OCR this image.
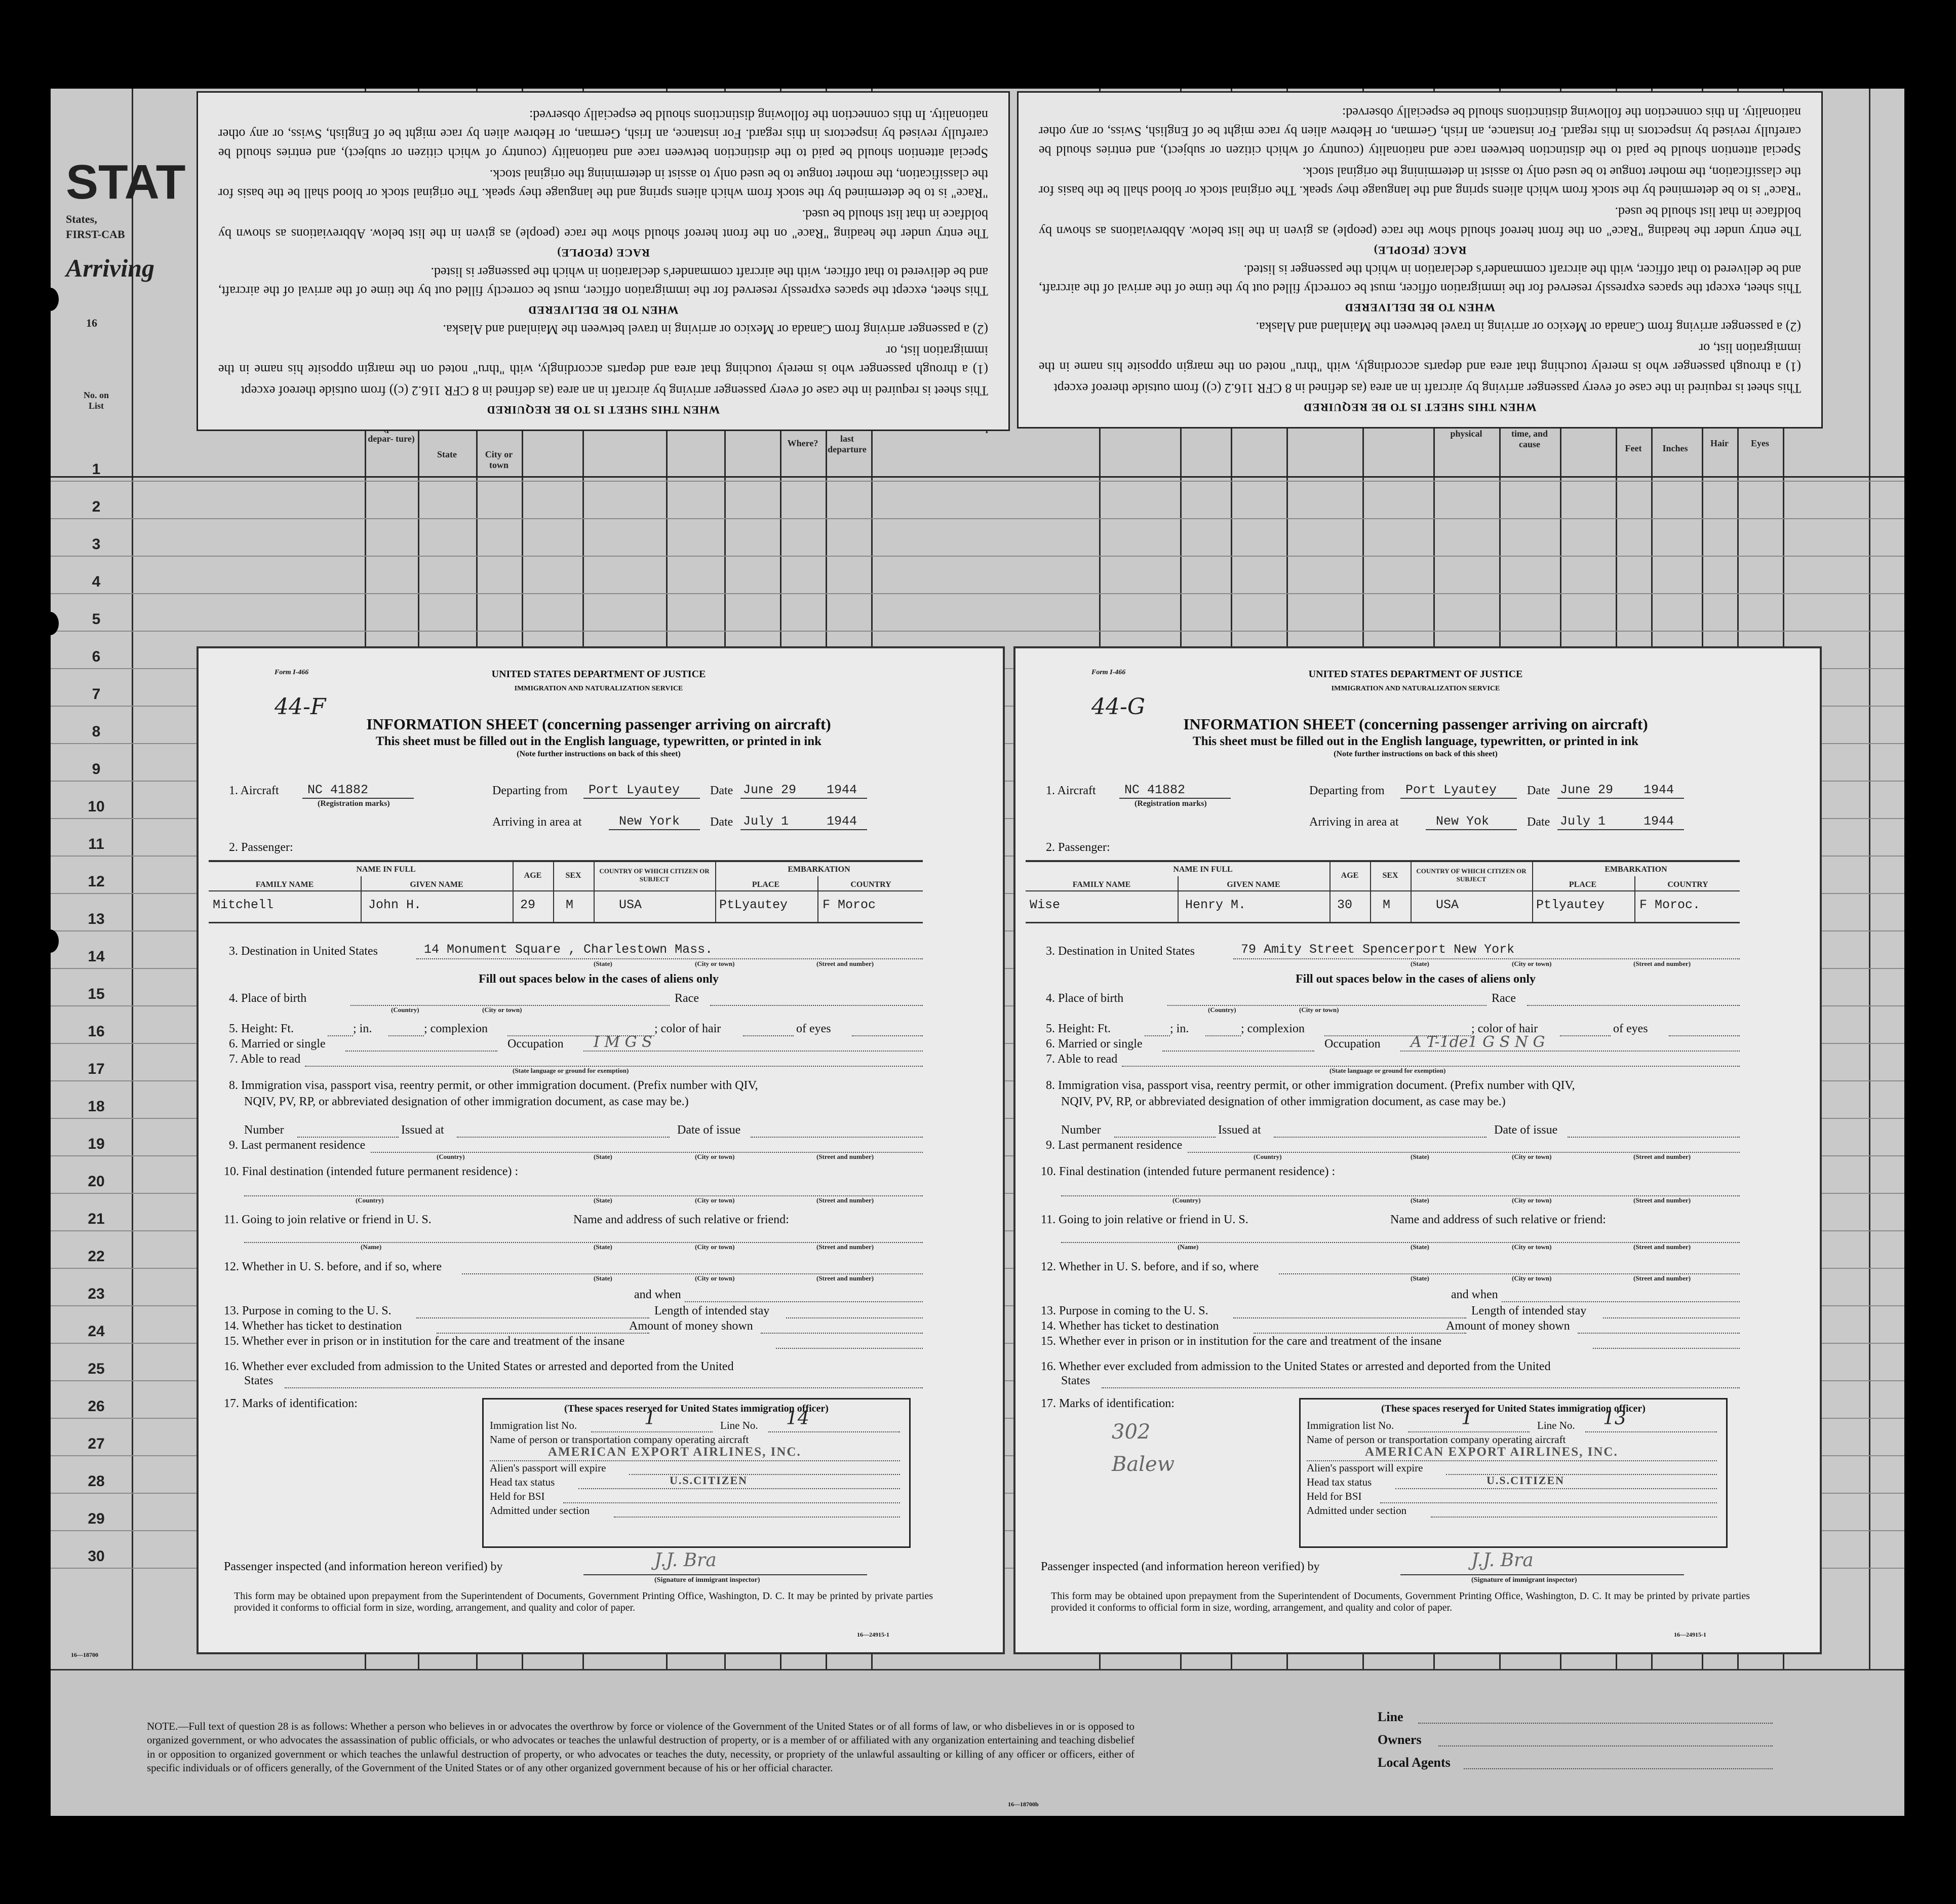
STAT
States,
FIRST-CAB
Arriving
16
No. on List
depar- ture)
State	City or town
Where?	last departure
physical	time, and cause	Feet	Inches	Hair	Eyes
1
2
3
4
5
6
7
8
9
10
11
12
13
14
15
16
17
18
19
20
21
22
23
24
25
26
27
28
29
30
16—18700
NOTE.—Full text of question 28 is as follows: Whether a person who believes in or advocates the overthrow by force or violence of the Government of the United States or of all forms of law, or who disbelieves in or is opposed to organized government, or who advocates the assassination of public officials, or who advocates or teaches the unlawful destruction of property, or is a member of or affiliated with any organization entertaining and teaching disbelief in or opposition to organized government or which teaches the unlawful destruction of property, or who advocates or teaches the duty, necessity, or propriety of the unlawful assaulting or killing of any officer or officers, either of specific individuals or of officers generally, of the Government of the United States or of any other organized government because of his or her official character.
16—18700b
Line
Owners
Local Agents
WHEN THIS SHEET IS TO BE REQUIRED

This sheet is required in the case of every passenger arriving by aircraft in an area (as defined in 8 CFR 116.2 (c)) from outside thereof except

(1) a through passenger who is merely touching that area and departs accordingly, with "thru" noted on the margin opposite his name in the immigration list, or

(2) a passenger arriving from Canada or Mexico or arriving in travel between the Mainland and Alaska.

WHEN TO BE DELIVERED

This sheet, except the spaces expressly reserved for the immigration officer, must be correctly filled out by the time of the arrival of the aircraft, and be delivered to that officer, with the aircraft commander's declaration in which the passenger is listed.

RACE (PEOPLE)

The entry under the heading "Race" on the front hereof should show the race (people) as given in the list below. Abbreviations as shown by boldface in that list should be used.

"Race" is to be determined by the stock from which aliens spring and the language they speak. The original stock or blood shall be the basis for the classification, the mother tongue to be used only to assist in determining the original stock.

Special attention should be paid to the distinction between race and nationality (country of which citizen or subject), and entries should be carefully revised by inspectors in this regard. For instance, an Irish, German, or Hebrew alien by race might be of English, Swiss, or any other nationality. In this connection the following distinctions should be especially observed:

WHEN THIS SHEET IS TO BE REQUIRED

This sheet is required in the case of every passenger arriving by aircraft in an area (as defined in 8 CFR 116.2 (c)) from outside thereof except

(1) a through passenger who is merely touching that area and departs accordingly, with "thru" noted on the margin opposite his name in the immigration list, or

(2) a passenger arriving from Canada or Mexico or arriving in travel between the Mainland and Alaska.

WHEN TO BE DELIVERED

This sheet, except the spaces expressly reserved for the immigration officer, must be correctly filled out by the time of the arrival of the aircraft, and be delivered to that officer, with the aircraft commander's declaration in which the passenger is listed.

RACE (PEOPLE)

The entry under the heading "Race" on the front hereof should show the race (people) as given in the list below. Abbreviations as shown by boldface in that list should be used.

"Race" is to be determined by the stock from which aliens spring and the language they speak. The original stock or blood shall be the basis for the classification, the mother tongue to be used only to assist in determining the original stock.

Special attention should be paid to the distinction between race and nationality (country of which citizen or subject), and entries should be carefully revised by inspectors in this regard. For instance, an Irish, German, or Hebrew alien by race might be of English, Swiss, or any other nationality. In this connection the following distinctions should be especially observed:

Form I-466	UNITED STATES DEPARTMENT OF JUSTICE
IMMIGRATION AND NATURALIZATION SERVICE
44-F
INFORMATION SHEET (concerning passenger arriving on aircraft)
This sheet must be filled out in the English language, typewritten, or printed in ink
(Note further instructions on back of this sheet)
1. Aircraft NC 41882
(Registration marks)
Departing from Port Lyautey Date June 29 1944
Arriving in area at	New York Date July 1	1944
2. Passenger:
NAME IN FULL
FAMILY NAME	GIVEN NAME
AGE	SEX
COUNTRY OF WHICH CITIZEN OR SUBJECT
EMBARKATION
PLACE	COUNTRY
Mitchell	John H.	29 M	USA	PtLyautey	F Moroc
3. Destination in United States	14 Monument Square , Charlestown Mass.
(State)	(City or town)	(Street and number)
Fill out spaces below in the cases of aliens only
4. Place of birth
(Country)	(City or town)
Race
5. Height: Ft.	; in.	; complexion	; color of hair	of eyes
6. Married or single	Occupation I M G S
7. Able to read
(State language or ground for exemption)
8. Immigration visa, passport visa, reentry permit, or other immigration document. (Prefix number with QIV,
NQIV, PV, RP, or abbreviated designation of other immigration document, as case may be.)
Number	Issued at	Date of issue
9. Last permanent residence
(Country)	(State)	(City or town)	(Street and number)
10. Final destination (intended future permanent residence) :
(Country)	(State)	(City or town)	(Street and number)
11. Going to join relative or friend in U. S.	Name and address of such relative or friend:
(Name)	(State)	(City or town)	(Street and number)
12. Whether in U. S. before, and if so, where
(State)	(City or town)	(Street and number)
and when
13. Purpose in coming to the U. S.	Length of intended stay
14. Whether has ticket to destination	Amount of money shown
15. Whether ever in prison or in institution for the care and treatment of the insane
16. Whether ever excluded from admission to the United States or arrested and deported from the United
States
17. Marks of identification:	(These spaces reserved for United States immigration officer)
Immigration list No.	1	Line No. 14
Name of person or transportation company operating aircraft
AMERICAN EXPORT AIRLINES, INC.
Alien's passport will expire
Head tax status	U.S.CITIZEN
Held for BSI
Admitted under section
Passenger inspected (and information hereon verified) by	J.J. Bra
(Signature of immigrant inspector)
This form may be obtained upon prepayment from the Superintendent of Documents, Government Printing Office, Washington, D. C. It may be printed by private parties provided it conforms to official form in size, wording, arrangement, and quality and color of paper.
16—24915-1
Form I-466	UNITED STATES DEPARTMENT OF JUSTICE
IMMIGRATION AND NATURALIZATION SERVICE
44-G
INFORMATION SHEET (concerning passenger arriving on aircraft)
This sheet must be filled out in the English language, typewritten, or printed in ink
(Note further instructions on back of this sheet)
1. Aircraft NC 41882
(Registration marks)
Departing from Port Lyautey Date June 29 1944
Arriving in area at	New Yok	Date July 1	1944
2. Passenger:
NAME IN FULL
FAMILY NAME	GIVEN NAME
AGE	SEX
COUNTRY OF WHICH CITIZEN OR SUBJECT
EMBARKATION
PLACE	COUNTRY
Wise	Henry M.	30 M	USA	Ptlyautey	F Moroc.
3. Destination in United States	79 Amity Street Spencerport New York
(State)	(City or town)	(Street and number)
Fill out spaces below in the cases of aliens only
4. Place of birth
(Country)	(City or town)
Race
5. Height: Ft.	; in.	; complexion	; color of hair	of eyes
6. Married or single	Occupation A T-1de1 G S N G
7. Able to read
(State language or ground for exemption)
8. Immigration visa, passport visa, reentry permit, or other immigration document. (Prefix number with QIV,
NQIV, PV, RP, or abbreviated designation of other immigration document, as case may be.)
Number	Issued at	Date of issue
9. Last permanent residence
(Country)	(State)	(City or town)	(Street and number)
10. Final destination (intended future permanent residence) :
(Country)	(State)	(City or town)	(Street and number)
11. Going to join relative or friend in U. S.	Name and address of such relative or friend:
(Name)	(State)	(City or town)	(Street and number)
12. Whether in U. S. before, and if so, where
(State)	(City or town)	(Street and number)
and when
13. Purpose in coming to the U. S.	Length of intended stay
14. Whether has ticket to destination	Amount of money shown
15. Whether ever in prison or in institution for the care and treatment of the insane
16. Whether ever excluded from admission to the United States or arrested and deported from the United
States
17. Marks of identification:
302 Balew
(These spaces reserved for United States immigration officer)
Immigration list No.	1	Line No. 13
Name of person or transportation company operating aircraft
AMERICAN EXPORT AIRLINES, INC.
Alien's passport will expire
Head tax status	U.S.CITIZEN
Held for BSI
Admitted under section
Passenger inspected (and information hereon verified) by	J.J. Bra
(Signature of immigrant inspector)
This form may be obtained upon prepayment from the Superintendent of Documents, Government Printing Office, Washington, D. C. It may be printed by private parties provided it conforms to official form in size, wording, arrangement, and quality and color of paper.
16—24915-1
